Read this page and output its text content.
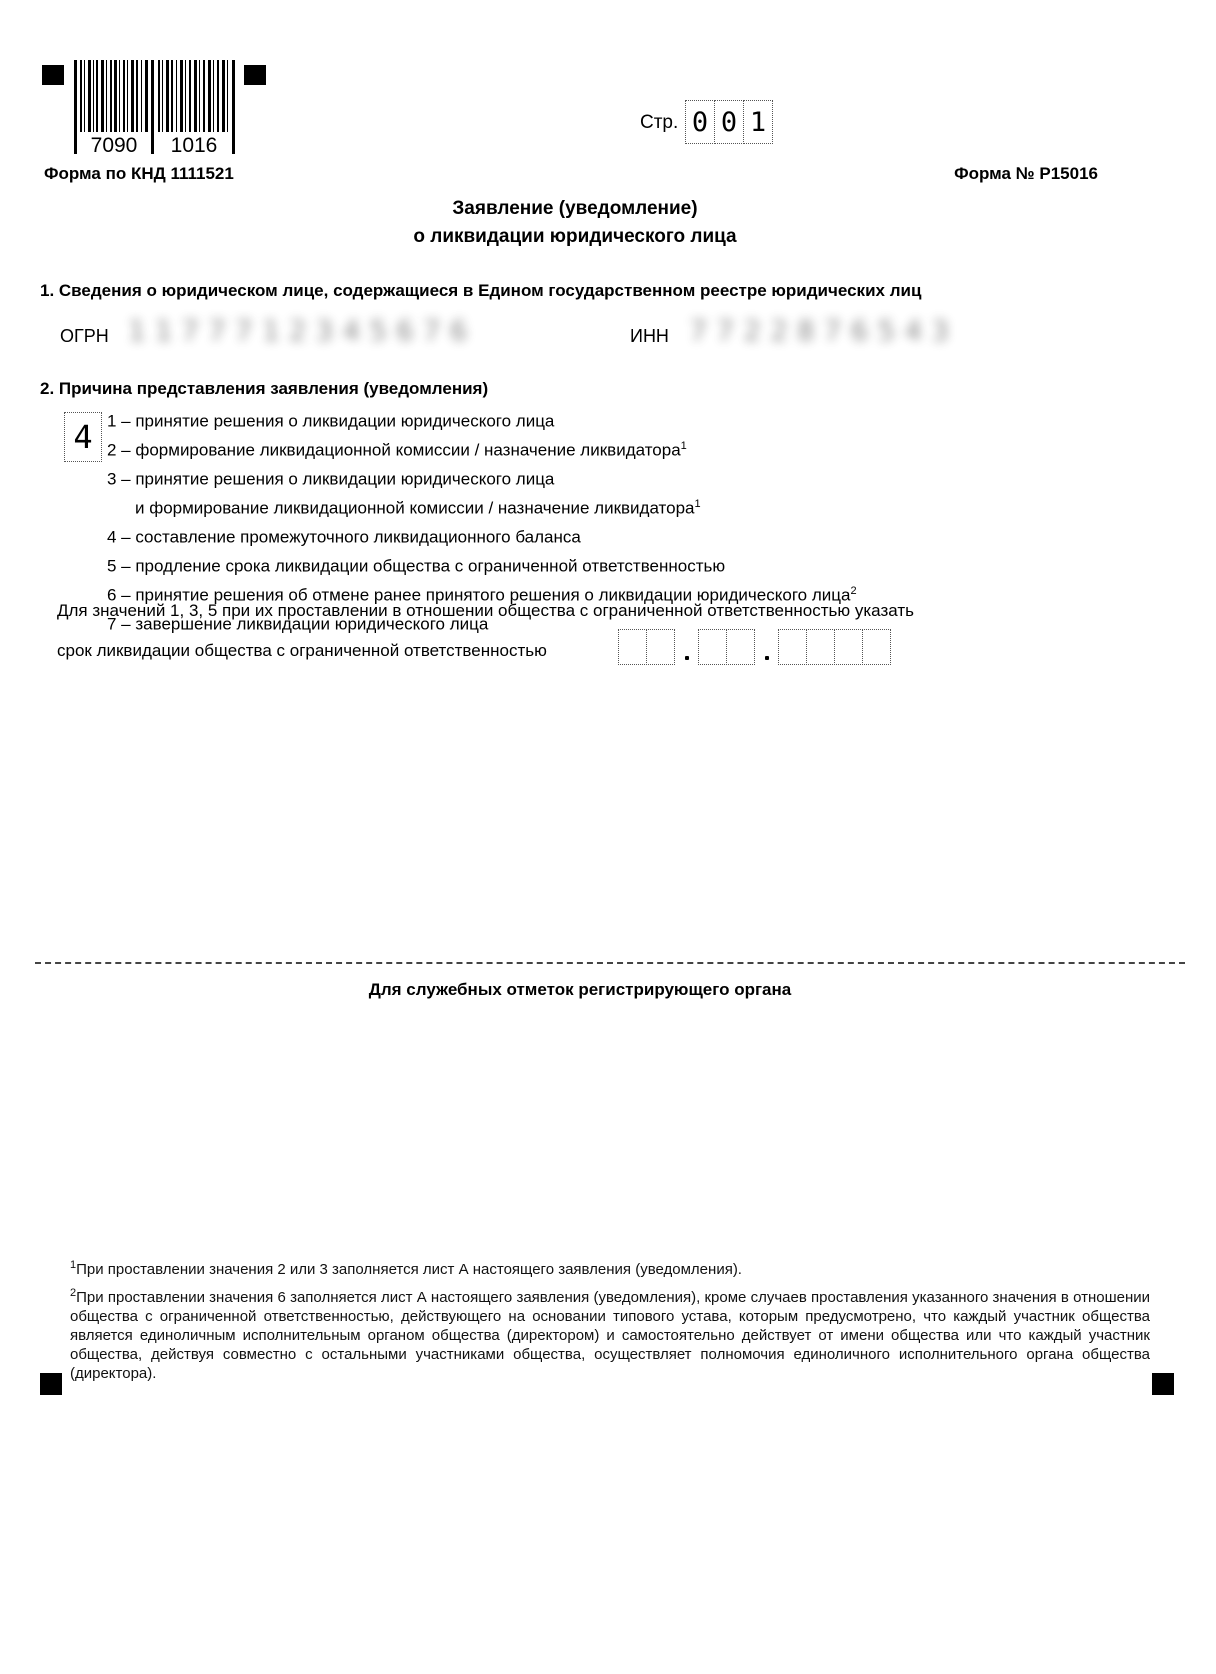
7090 1016
Стр. 0 0 1
Форма по КНД 1111521	Форма № Р15016
Заявление (уведомление)
о ликвидации юридического лица
1. Сведения о юридическом лице, содержащиеся в Едином государственном реестре юридических лиц
ОГРН 1177712345676	ИНН 7722876543
2. Причина представления заявления (уведомления)
4 1 – принятие решения о ликвидации юридического лица
2 – формирование ликвидационной комиссии / назначение ликвидатора$^1$
3 – принятие решения о ликвидации юридического лица
и формирование ликвидационной комиссии / назначение ликвидатора$^1$
4 – составление промежуточного ликвидационного баланса
5 – продление срока ликвидации общества с ограниченной ответственностью
6 – принятие решения об отмене ранее принятого решения о ликвидации юридического лица$^2$
7 – завершение ликвидации юридического лица
Для значений 1, 3, 5 при их проставлении в отношении общества с ограниченной ответственностью указать
срок ликвидации общества с ограниченной ответственностью
Для служебных отметок регистрирующего органа
$^1$При проставлении значения 2 или 3 заполняется лист А настоящего заявления (уведомления).
$^2$При проставлении значения 6 заполняется лист А настоящего заявления (уведомления), кроме случаев проставления указанного значения в отношении общества с ограниченной ответственностью, действующего на основании типового устава, которым предусмотрено, что каждый участник общества является единоличным исполнительным органом общества (директором) и самостоятельно действует от имени общества или что каждый участник общества, действуя совместно с остальными участниками общества, осуществляет полномочия единоличного исполнительного органа общества (директора).
